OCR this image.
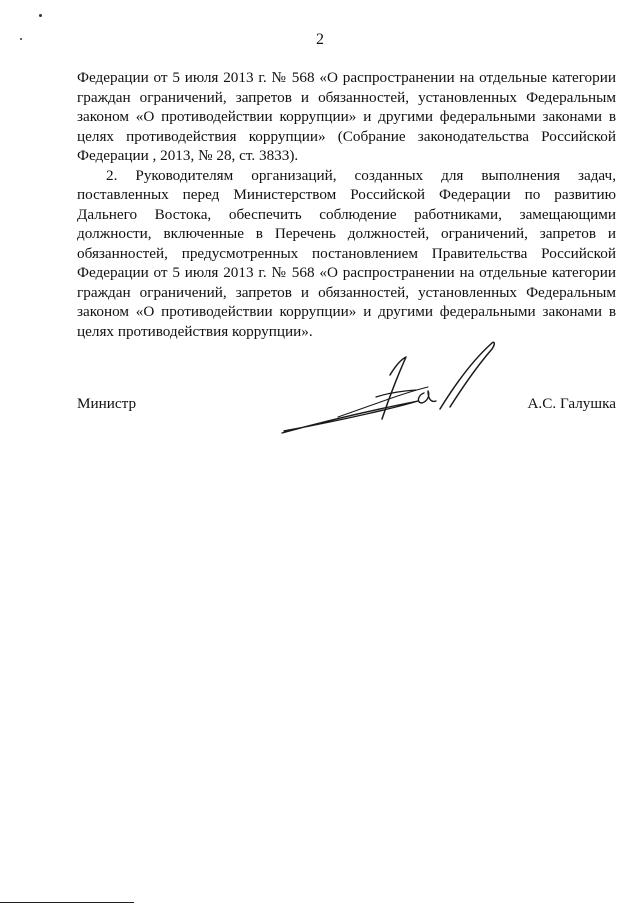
2

Федерации от 5 июля 2013 г. № 568 «О распространении на отдельные категории граждан ограничений, запретов и обязанностей, установленных Федеральным законом «О противодействии коррупции» и другими федеральными законами в целях противодействия коррупции» (Собрание законодательства Российской Федерации , 2013, № 28, ст. 3833).

2. Руководителям организаций, созданных для выполнения задач, поставленных перед Министерством Российской Федерации по развитию Дальнего Востока, обеспечить соблюдение работниками, замещающими должности, включенные в Перечень должностей, ограничений, запретов и обязанностей, предусмотренных постановлением Правительства Российской Федерации от 5 июля 2013 г. № 568 «О распространении на отдельные категории граждан ограничений, запретов и обязанностей, установленных Федеральным законом «О противодействии коррупции» и другими федеральными законами в целях противодействия коррупции».

Министр	А.С. Галушка
